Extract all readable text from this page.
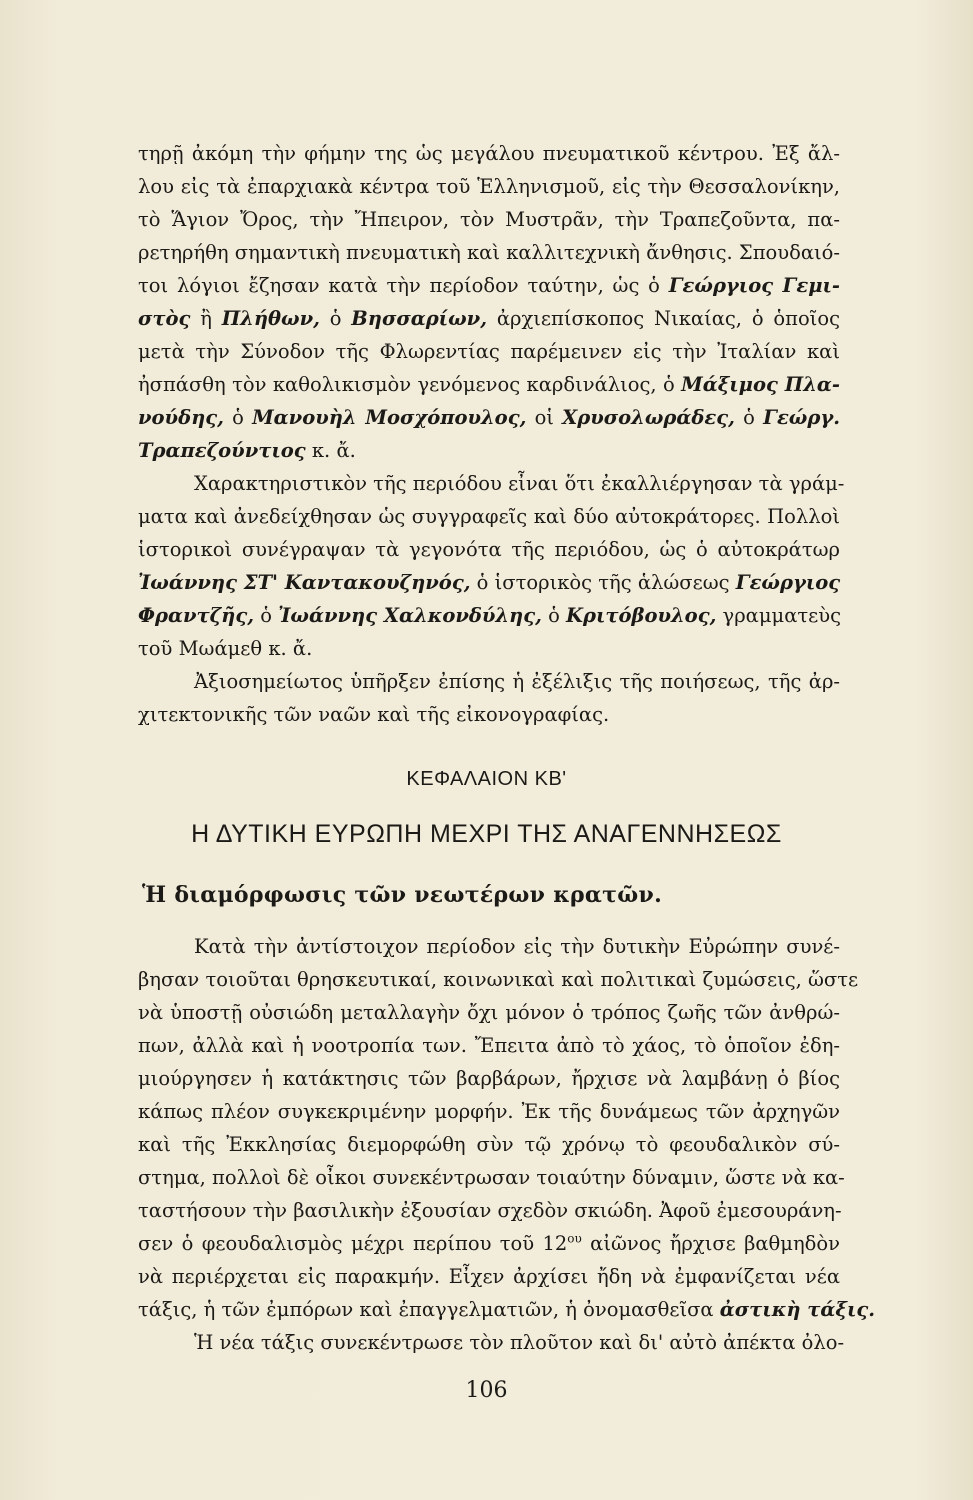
τηρῇ ἀκόμη τὴν φήμην της ὡς μεγάλου πνευματικοῦ κέντρου. Ἐξ ἄλ-
λου εἰς τὰ ἐπαρχιακὰ κέντρα τοῦ Ἑλληνισμοῦ, εἰς τὴν Θεσσαλονίκην,
τὸ Ἅγιον Ὄρος, τὴν Ἤπειρον, τὸν Μυστρᾶν, τὴν Τραπεζοῦντα, πα-
ρετηρήθη σημαντικὴ πνευματικὴ καὶ καλλιτεχνικὴ ἄνθησις. Σπουδαιό-
τοι λόγιοι ἔζησαν κατὰ τὴν περίοδον ταύτην, ὡς ὁ Γεώργιος Γεμι-
στὸς ἢ Πλήθων, ὁ Βησσαρίων, ἀρχιεπίσκοπος Νικαίας, ὁ ὁποῖος
μετὰ τὴν Σύνοδον τῆς Φλωρεντίας παρέμεινεν εἰς τὴν Ἰταλίαν καὶ
ἠσπάσθη τὸν καθολικισμὸν γενόμενος καρδινάλιος, ὁ Μάξιμος Πλα-
νούδης, ὁ Μανουὴλ Μοσχόπουλος, οἱ Χρυσολωράδες, ὁ Γεώργ.
Τραπεζούντιος κ. ἄ.
Χαρακτηριστικὸν τῆς περιόδου εἶναι ὅτι ἐκαλλιέργησαν τὰ γράμ-
ματα καὶ ἀνεδείχθησαν ὡς συγγραφεῖς καὶ δύο αὐτοκράτορες. Πολλοὶ
ἱστορικοὶ συνέγραψαν τὰ γεγονότα τῆς περιόδου, ὡς ὁ αὐτοκράτωρ
Ἰωάννης ΣΤ' Καντακουζηνός, ὁ ἱστορικὸς τῆς ἁλώσεως Γεώργιος
Φραντζῆς, ὁ Ἰωάννης Χαλκονδύλης, ὁ Κριτόβουλος, γραμματεὺς
τοῦ Μωάμεθ κ. ἄ.
Ἀξιοσημείωτος ὑπῆρξεν ἐπίσης ἡ ἐξέλιξις τῆς ποιήσεως, τῆς ἀρ-
χιτεκτονικῆς τῶν ναῶν καὶ τῆς εἰκονογραφίας.
ΚΕΦΑΛΑΙΟΝ ΚΒ'
Η ΔΥΤΙΚΗ ΕΥΡΩΠΗ ΜΕΧΡΙ ΤΗΣ ΑΝΑΓΕΝΝΗΣΕΩΣ
Ἡ διαμόρφωσις τῶν νεωτέρων κρατῶν.
Κατὰ τὴν ἀντίστοιχον περίοδον εἰς τὴν δυτικὴν Εὐρώπην συνέ-
βησαν τοιοῦται θρησκευτικαί, κοινωνικαὶ καὶ πολιτικαὶ ζυμώσεις, ὥστε
νὰ ὑποστῇ οὐσιώδη μεταλλαγὴν ὄχι μόνον ὁ τρόπος ζωῆς τῶν ἀνθρώ-
πων, ἀλλὰ καὶ ἡ νοοτροπία των. Ἔπειτα ἀπὸ τὸ χάος, τὸ ὁποῖον ἐδη-
μιούργησεν ἡ κατάκτησις τῶν βαρβάρων, ἤρχισε νὰ λαμβάνῃ ὁ βίος
κάπως πλέον συγκεκριμένην μορφήν. Ἐκ τῆς δυνάμεως τῶν ἀρχηγῶν
καὶ τῆς Ἐκκλησίας διεμορφώθη σὺν τῷ χρόνῳ τὸ φεουδαλικὸν σύ-
στημα, πολλοὶ δὲ οἶκοι συνεκέντρωσαν τοιαύτην δύναμιν, ὥστε νὰ κα-
ταστήσουν τὴν βασιλικὴν ἐξουσίαν σχεδὸν σκιώδη. Ἀφοῦ ἐμεσουράνη-
σεν ὁ φεουδαλισμὸς μέχρι περίπου τοῦ $12^{o\upsilon}$ αἰῶνος ἤρχισε βαθμηδὸν
νὰ περιέρχεται εἰς παρακμήν. Εἶχεν ἀρχίσει ἤδη νὰ ἐμφανίζεται νέα
τάξις, ἡ τῶν ἐμπόρων καὶ ἐπαγγελματιῶν, ἡ ὀνομασθεῖσα ἀστικὴ τάξις.
Ἡ νέα τάξις συνεκέντρωσε τὸν πλοῦτον καὶ δι' αὐτὸ ἀπέκτα ὀλο-
106
